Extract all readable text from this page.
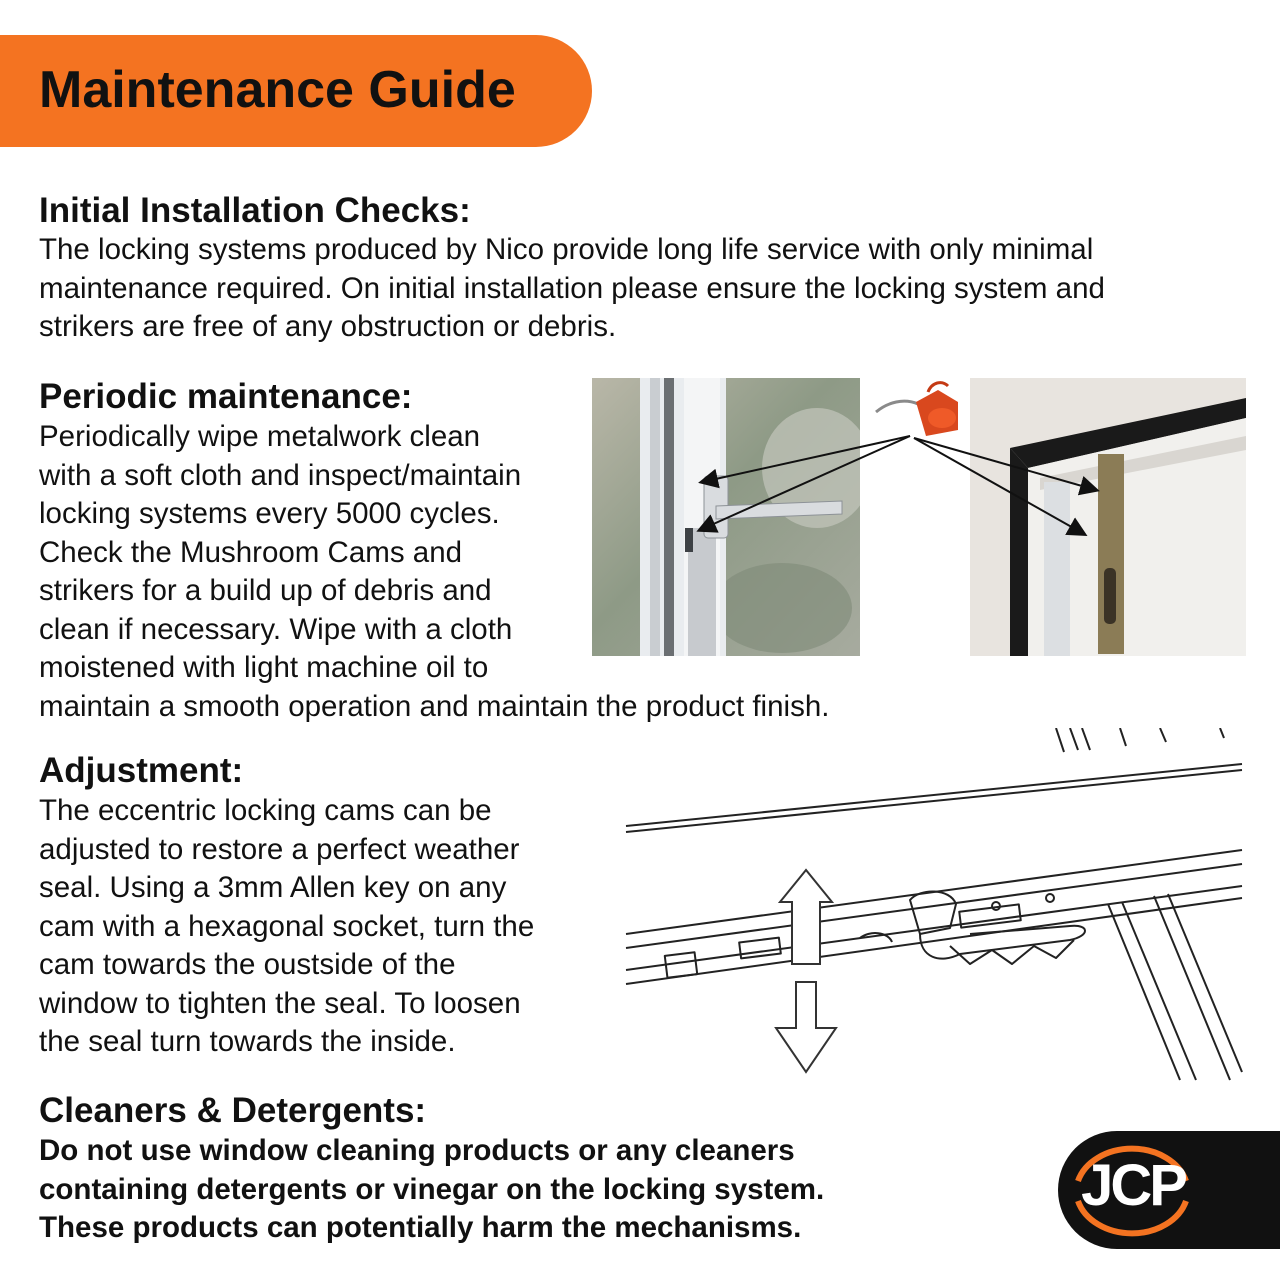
Maintenance Guide
Initial Installation Checks:

The locking systems produced by Nico provide long life service with only minimal
maintenance required. On initial installation please ensure the locking system and
strikers are free of any obstruction or debris.

Periodic maintenance:

Periodically wipe metalwork clean
with a soft cloth and inspect/maintain
locking systems every 5000 cycles.
Check the Mushroom Cams and
strikers for a build up of debris and
clean if necessary. Wipe with a cloth
moistened with light machine oil to
maintain a smooth operation and maintain the product finish.

Adjustment:

The eccentric locking cams can be
adjusted to restore a perfect weather
seal. Using a 3mm Allen key on any
cam with a hexagonal socket, turn the
cam towards the oustside of the
window to tighten the seal. To loosen
the seal turn towards the inside.

Cleaners & Detergents:

Do not use window cleaning products or any cleaners
containing detergents or vinegar on the locking system.
These products can potentially harm the mechanisms.

JCP
